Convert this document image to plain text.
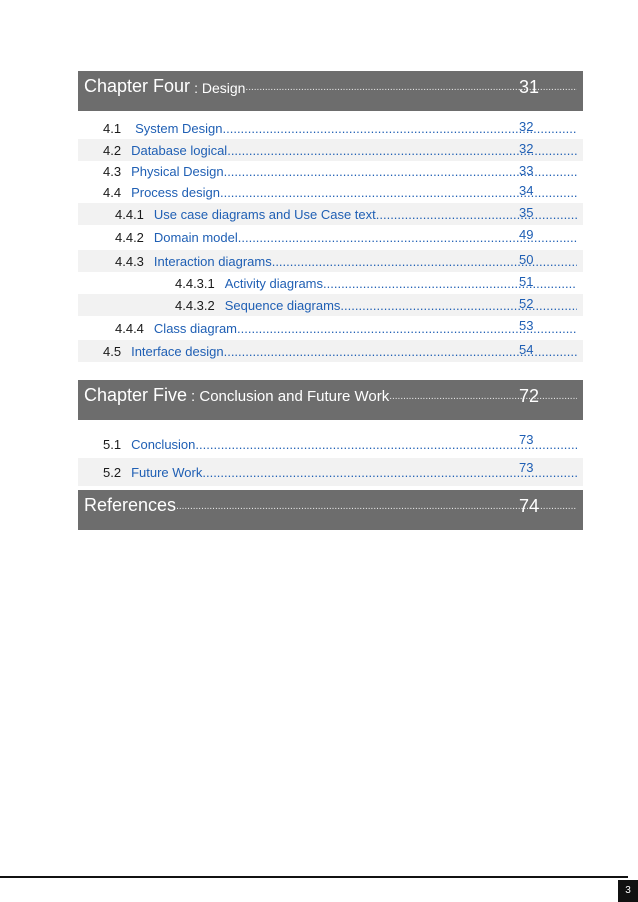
Chapter Four : Design .....	31
4.1 System Design .....	32
4.2 Database logical .....	32
4.3 Physical Design .....	33
4.4 Process design .....	34
4.4.1 Use case diagrams and Use Case text .....	35
4.4.2 Domain model .....	49
4.4.3 Interaction diagrams .....	50
4.4.3.1 Activity diagrams .....	51
4.4.3.2 Sequence diagrams .....	52
4.4.4 Class diagram .....	53
4.5 Interface design .....	54
Chapter Five : Conclusion and Future Work .....	72
5.1 Conclusion .....	73
5.2 Future Work .....	73
References .....	74
3
